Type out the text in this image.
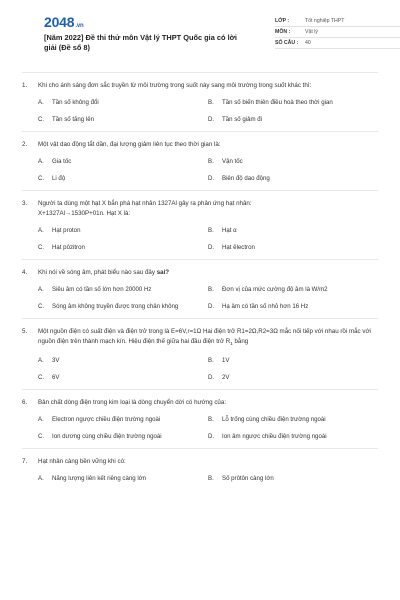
2048.vn
[Năm 2022] Đề thi thử môn Vật lý THPT Quốc gia có lời giải (Đề số 8)
LỚP :	Tốt nghiệp THPT
MÔN :	Vật lý
SỐ CÂU :	40
1.	Khi cho ánh sáng đơn sắc truyền từ môi trường trong suốt này sang môi trường trong suốt khác thì:
A.	Tần số không đổi	B.	Tần số biến thiên điều hoà theo thời gian
C.	Tần số tăng lên	D.	Tần số giảm đi
2.	Một vật dao động tắt dần, đại lượng giảm liên tục theo thời gian là:
A.	Gia tốc	B.	Vận tốc
C.	Li độ	D.	Biên độ dao động
3.	Người ta dùng một hạt X bắn phá hạt nhân 1327Al gây ra phản ứng hạt nhân:
X+1327Al→1530P+01n. Hạt X là:
A.	Hạt proton	B.	Hạt α
C.	Hạt pôzitron	D.	Hạt êlectron
4.	Khi nói về sóng âm, phát biểu nào sau đây sai?
A.	Siêu âm có tần số lớn hơn 20000 Hz	B.	Đơn vị của mức cường độ âm là W/m2
C.	Sóng âm không truyền được trong chân không	D.	Hạ âm có tần số nhỏ hơn 16 Hz
5.	Một nguồn điện có suất điện và điện trở trong là E=6V,r=1Ω Hai điện trở R1=2Ω,R2=3Ω mắc nối tiếp với nhau rồi mắc với nguồn điện trên thành mạch kín. Hiệu điện thế giữa hai đầu điện trở $R_1$ bằng
A.	3V	B.	1V
C.	6V	D.	2V
6.	Bản chất dòng điện trong kim loại là dòng chuyển dời có hướng của:
A.	Electron ngược chiều điện trường ngoài	B.	Lỗ trống cùng chiều điện trường ngoài
C.	Ion dương cùng chiều điện trường ngoài	D.	Ion âm ngược chiều điện trường ngoài
7.	Hạt nhân càng bền vững khi có:
A.	Năng lượng liên kết riêng càng lớn	B.	Số prôtôn càng lớn
